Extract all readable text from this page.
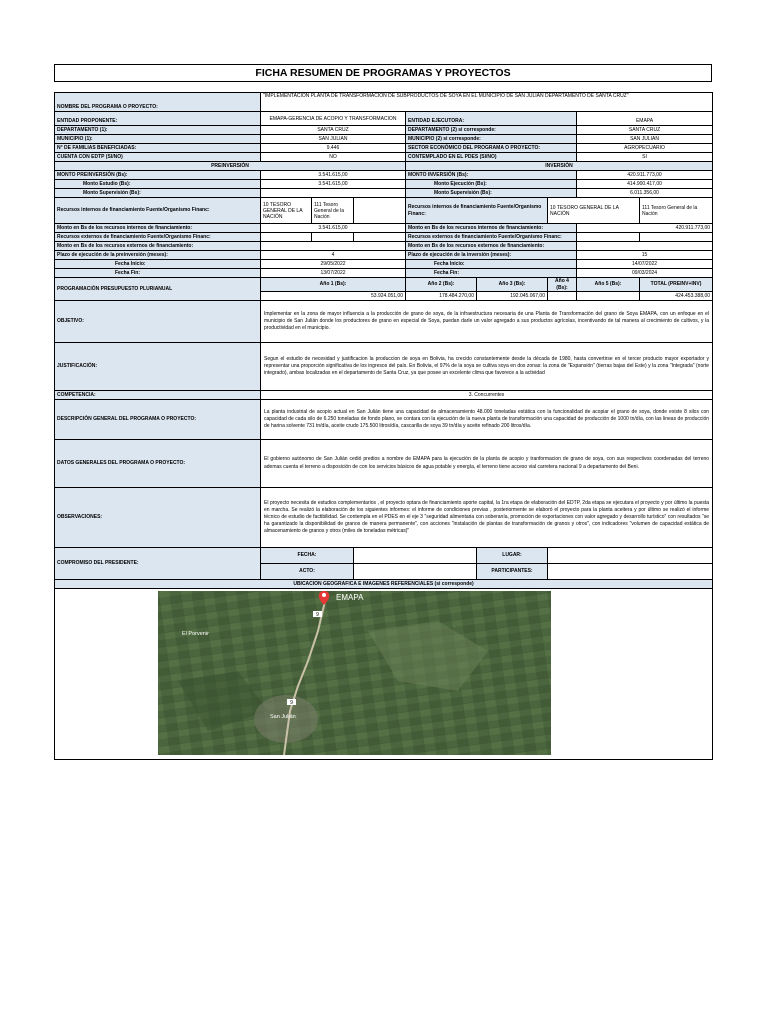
FICHA RESUMEN DE PROGRAMAS Y PROYECTOS
NOMBRE DEL PROGRAMA O PROYECTO:	"IMPLEMENTACION PLANTA DE TRANSFORMACION DE SUBPRODUCTOS DE SOYA EN EL MUNICIPIO DE SAN JULIAN DEPARTAMENTO DE SANTA CRUZ"							
ENTIDAD PROPONENTE:	EMAPA-GERENCIA DE ACOPIO Y TRANSFORMACION			ENTIDAD EJECUTORA:			EMAPA	
DEPARTAMENTO (1):	SANTA CRUZ			DEPARTAMENTO (2) si corresponde:			SANTA CRUZ	
MUNICIPIO (1):	SAN JULIAN			MUNICIPIO (2) si corresponde:			SAN JULIAN	
N° DE FAMILIAS BENEFICIADAS:	9.446			SECTOR ECONÓMICO DEL PROGRAMA O PROYECTO:			AGROPECUARIO	
CUENTA CON EDTP (SI/NO)	NO			CONTEMPLADO EN EL PDES (SI/NO)			SI	
PREINVERSIÓN				INVERSIÓN				
MONTO PREINVERSIÓN (Bs):	3.541.615,00			MONTO INVERSIÓN (Bs):			420.911.773,00	
Monto Estudio (Bs):	3.541.615,00			Monto Ejecución (Bs):			414.900.417,00	
Monto Supervisión (Bs):				Monto Supervisión (Bs):			6.011.356,00	
Recursos internos de financiamiento Fuente/Organismo Financ:	10 TESORO GENERAL DE LA NACIÓN	111 Tesoro General de la Nación		Recursos internos de financiamiento Fuente/Organismo Financ:		10 TESORO GENERAL DE LA NACIÓN		111 Tesoro General de la Nación
Monto en Bs de los recursos internos de financiamiento:	3.541.615,00			Monto en Bs de los recursos internos de financiamiento:			420.911.773,00	
Recursos externos de financiamiento Fuente/Organismo Financ:				Recursos externos de financiamiento Fuente/Organismo Financ:				
Monto en Bs de los recursos externos de financiamiento:				Monto en Bs de los recursos externos de financiamiento:				
Plazo de ejecución de la preinversión (meses):	4			Plazo de ejecución de la inversión (meses):			15	
Fecha Inicio:	29/05/2022			Fecha Inicio:			14/07/2022	
Fecha Fin:	13/07/2022			Fecha Fin:			09/03/2024	
PROGRAMACIÓN PRESUPUESTO PLURIANUAL	Año 1 (Bs):			Año 2 (Bs):	Año 3 (Bs):	Año 4 (Bs):	Año 5 (Bs):	TOTAL (PREINV+INV)
	53.924.051,00			178.484.270,00	192.045.067,00			424.453.388,00
OBJETIVO:	Implementar en la zona de mayor influencia a la producción de grano de soya, de la infraestructura necesaria de una Planta de Transformación del grano de Soya EMAPA, con un enfoque en el municipio de San Julián donde los productores de grano en especial de Soya, puedan darle un valor agregado a sus productos agrícolas, incentivando de tal manera al crecimiento de cultivos, y la productividad en el municipio.							
JUSTIFICACIÓN:	Segun el estudio de necesidad y justificacion la produccion de soya en Bolivia, ha crecido constantemente desde la década de 1980, hasta convertirse en el tercer producto mayor exportador y representar una proporción significativa de los ingresos del país. En Bolivia, el 97% de la soya se cultiva soya en dos zonas: la zona de "Expansión" (tierras bajas del Este) y la zona "Integrada" (norte integrado), ambas localizadas en el departamento de Santa Cruz, ya que posee un excelente clima que favorece a la actividad							
COMPETENCIA:	3. Concurrentes							
DESCRIPCIÓN GENERAL DEL PROGRAMA O PROYECTO:	La planta industrial de acopio actual en San Julián tiene una capacidad de almacenamiento 48.000 toneladas estática con la funcionalidad de acopiar el grano de soya, donde existe 8 silos con capacidad de cada silo de 6.250 toneladas de fondo plano, se contara con la ejecución de la nueva planta de transformación una capacidad de producción de 1000 tn/día, con las lineas de producción de harina solvente 731 tn/día, aceite crudo 175.500 litros/día, cascarilla de soya 39 tn/día y aceite refinado 200 litros/día.							
DATOS GENERALES DEL PROGRAMA O PROYECTO:	El gobierno autónomo de San Julián cedió predios a nombre de EMAPA para la ejecución de la planta de acopio y tranformacion de grano de soya, con sus respectivos coordenadas del terreno ademas cuenta el terreno a disposición de con los servicios básicos de agua potable y energía, el terreno tiene acceso vial carretera nacional 9 a departamento del Beni.							
OBSERVACIONES:	El proyecto necesita de estudios complementarios , el proyecto optara de financiamiento aporte capital, la 1ra etapa de elaboración del EDTP, 2da etapa se ejecutara el proyecto y por último la puesta en marcha. Se realizó la elaboración de los siguientes informes: el informe de condiciones previas , posteriormente se elaboró el proyecto para la planta aceitera y por último se realizó el informe técnico de estudio de factibilidad. Se contempla en el PDES en el eje 3 "seguridad alimentaria con soberanía, promoción de exportaciones con valor agregado y desarrollo turístico" con resultados "se ha garantizado la disponibilidad de granos de manera permanente", con acciones "instalación de plantas de transformación de granos y otros", con indicadores "volumen de capacidad estática de almacenamiento de granos y otros (miles de toneladas métricas)"							
COMPROMISO DEL PRESIDENTE:	FECHA:				LUGAR:			
	ACTO:				PARTICIPANTES:			
UBICACION GEOGRAFICA E IMAGENES REFERENCIALES (si corresponde)								

9
9
EMAPA
El Porvenir
San Julián								
